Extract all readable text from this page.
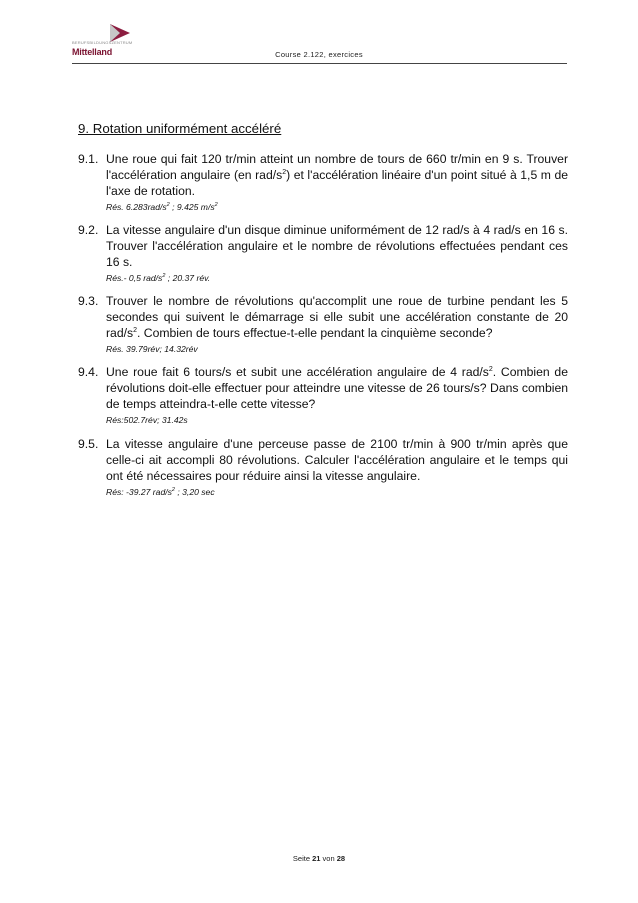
BERUFSBILDUNGSZENTRUM
Mittelland	Course 2.122, exercices
9. Rotation uniformément accéléré
9.1. Une roue qui fait 120 tr/min atteint un nombre de tours de 660 tr/min en 9 s. Trouver l'accélération angulaire (en rad/$s^2$) et l'accélération linéaire d'un point situé à 1,5 m de l'axe de rotation.
Rés. $6.283rad/s^2$ ; 9.425 $m/s^2$
9.2. La vitesse angulaire d'un disque diminue uniformément de 12 rad/s à 4 rad/s en 16 s. Trouver l'accélération angulaire et le nombre de révolutions effectuées pendant ces 16 s.
Rés.- 0,5 rad/$s^2$ ; 20.37 rév.
9.3. Trouver le nombre de révolutions qu'accomplit une roue de turbine pendant les 5 secondes qui suivent le démarrage si elle subit une accélération constante de 20 rad/$s^2$. Combien de tours effectue-t-elle pendant la cinquième seconde?
Rés. 39.79rév; 14.32rév
9.4. Une roue fait 6 tours/s et subit une accélération angulaire de 4 rad/$s^2$. Combien de révolutions doit-elle effectuer pour atteindre une vitesse de 26 tours/s? Dans combien de temps atteindra-t-elle cette vitesse?
Rés:502.7rév; 31.42s
9.5. La vitesse angulaire d'une perceuse passe de 2100 tr/min à 900 tr/min après que celle-ci ait accompli 80 révolutions. Calculer l'accélération angulaire et le temps qui ont été nécessaires pour réduire ainsi la vitesse angulaire.
Rés: -39.27 rad/$s^2$ ; 3,20 sec
Seite 21 von 28
